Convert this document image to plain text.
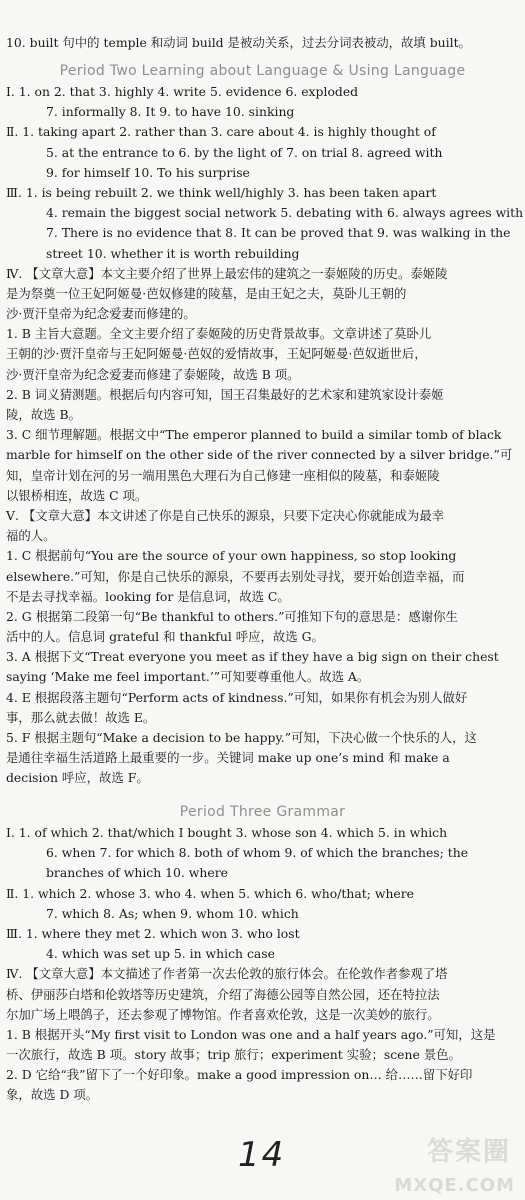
10. built 句中的 temple 和动词 build 是被动关系，过去分词表被动，故填 built。
Period Two Learning about Language & Using Language
Ⅰ. 1. on 2. that 3. highly 4. write 5. evidence 6. exploded
7. informally 8. It 9. to have 10. sinking
Ⅱ. 1. taking apart 2. rather than 3. care about 4. is highly thought of
5. at the entrance to 6. by the light of 7. on trial 8. agreed with
9. for himself 10. To his surprise
Ⅲ. 1. is being rebuilt 2. we think well/highly 3. has been taken apart
4. remain the biggest social network 5. debating with 6. always agrees with
7. There is no evidence that 8. It can be proved that 9. was walking in the
street 10. whether it is worth rebuilding
Ⅳ. 【文章大意】本文主要介绍了世界上最宏伟的建筑之一泰姬陵的历史。泰姬陵
是为祭奠一位王妃阿姬曼·芭奴修建的陵墓，是由王妃之夫，莫卧儿王朝的
沙·贾汗皇帝为纪念爱妻而修建的。
1. B 主旨大意题。全文主要介绍了泰姬陵的历史背景故事。文章讲述了莫卧儿
王朝的沙·贾汗皇帝与王妃阿姬曼·芭奴的爱情故事，王妃阿姬曼·芭奴逝世后，
沙·贾汗皇帝为纪念爱妻而修建了泰姬陵，故选 B 项。
2. B 词义猜测题。根据后句内容可知，国王召集最好的艺术家和建筑家设计泰姬
陵，故选 B。
3. C 细节理解题。根据文中“The emperor planned to build a similar tomb of black
marble for himself on the other side of the river connected by a silver bridge.”可
知，皇帝计划在河的另一端用黑色大理石为自己修建一座相似的陵墓，和泰姬陵
以银桥相连，故选 C 项。
Ⅴ. 【文章大意】本文讲述了你是自己快乐的源泉，只要下定决心你就能成为最幸
福的人。
1. C 根据前句“You are the source of your own happiness, so stop looking
elsewhere.”可知，你是自己快乐的源泉，不要再去别处寻找，要开始创造幸福，而
不是去寻找幸福。looking for 是信息词，故选 C。
2. G 根据第二段第一句“Be thankful to others.”可推知下句的意思是：感谢你生
活中的人。信息词 grateful 和 thankful 呼应，故选 G。
3. A 根据下文“Treat everyone you meet as if they have a big sign on their chest
saying ‘Make me feel important.’”可知要尊重他人。故选 A。
4. E 根据段落主题句“Perform acts of kindness.”可知，如果你有机会为别人做好
事，那么就去做！故选 E。
5. F 根据主题句“Make a decision to be happy.”可知，下决心做一个快乐的人，这
是通往幸福生活道路上最重要的一步。关键词 make up one’s mind 和 make a
decision 呼应，故选 F。
Period Three Grammar
Ⅰ. 1. of which 2. that/which I bought 3. whose son 4. which 5. in which
6. when 7. for which 8. both of whom 9. of which the branches; the
branches of which 10. where
Ⅱ. 1. which 2. whose 3. who 4. when 5. which 6. who/that; where
7. which 8. As; when 9. whom 10. which
Ⅲ. 1. where they met 2. which won 3. who lost
4. which was set up 5. in which case
Ⅳ. 【文章大意】本文描述了作者第一次去伦敦的旅行体会。在伦敦作者参观了塔
桥、伊丽莎白塔和伦敦塔等历史建筑，介绍了海德公园等自然公园，还在特拉法
尔加广场上喂鸽子，还去参观了博物馆。作者喜欢伦敦，这是一次美妙的旅行。
1. B 根据开头“My first visit to London was one and a half years ago.”可知，这是
一次旅行，故选 B 项。story 故事；trip 旅行；experiment 实验；scene 景色。
2. D 它给“我”留下了一个好印象。make a good impression on… 给……留下好印
象，故选 D 项。
14	答案圈
MXQE.COM
